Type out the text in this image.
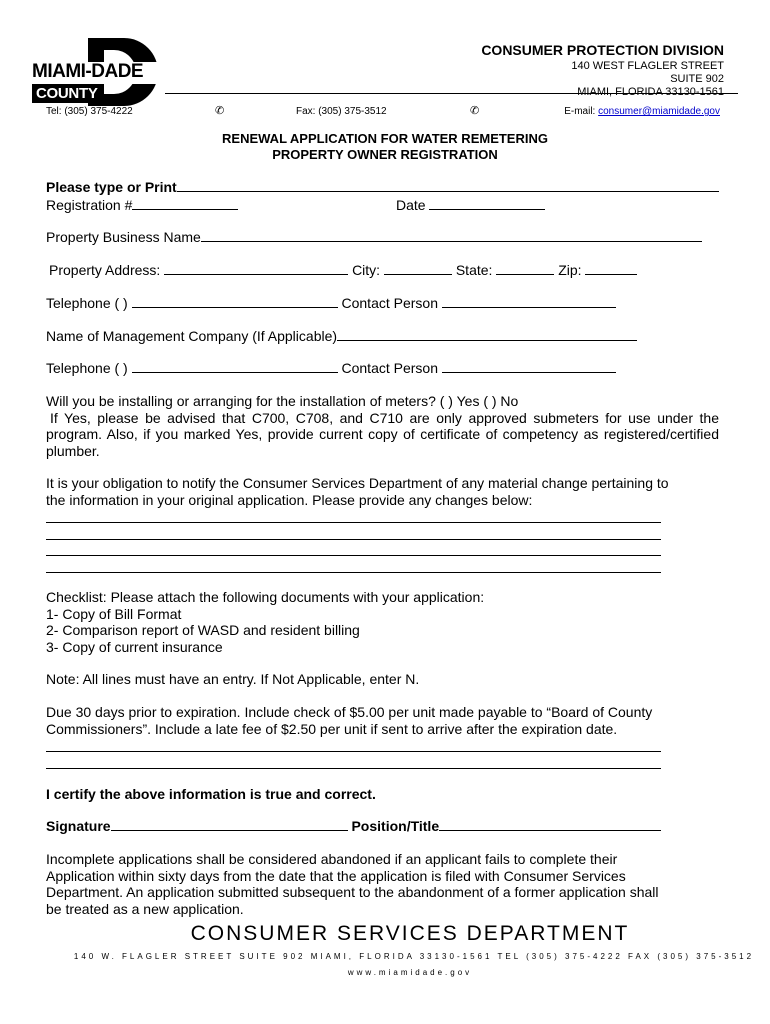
MIAMI-DADE
COUNTY
CONSUMER PROTECTION DIVISION
140 WEST FLAGLER STREET
SUITE 902
MIAMI, FLORIDA 33130-1561
Tel: (305) 375-4222	✆	Fax: (305) 375-3512	✆	E-mail: consumer@miamidade.gov
RENEWAL APPLICATION FOR WATER REMETERING
PROPERTY OWNER REGISTRATION
Please type or Print
Registration #	Date
Property Business Name
Property Address:	City:	State:	Zip:
Telephone ( )	Contact Person
Name of Management Company (If Applicable)
Telephone ( )	Contact Person
Will you be installing or arranging for the installation of meters? ( ) Yes ( ) No
If Yes, please be advised that C700, C708, and C710 are only approved submeters for use under the
program. Also, if you marked Yes, provide current copy of certificate of competency as registered/certified
plumber.
It is your obligation to notify the Consumer Services Department of any material change pertaining to
the information in your original application. Please provide any changes below:
Checklist: Please attach the following documents with your application:
1- Copy of Bill Format
2- Comparison report of WASD and resident billing
3- Copy of current insurance
Note: All lines must have an entry. If Not Applicable, enter N.
Due 30 days prior to expiration. Include check of $5.00 per unit made payable to “Board of County
Commissioners”. Include a late fee of $2.50 per unit if sent to arrive after the expiration date.
I certify the above information is true and correct.
Signature	Position/Title
Incomplete applications shall be considered abandoned if an applicant fails to complete their
Application within sixty days from the date that the application is filed with Consumer Services
Department. An application submitted subsequent to the abandonment of a former application shall
be treated as a new application.
CONSUMER SERVICES DEPARTMENT
140 W. FLAGLER STREET SUITE 902 MIAMI, FLORIDA 33130-1561 TEL (305) 375-4222 FAX (305) 375-3512
www.miamidade.gov
